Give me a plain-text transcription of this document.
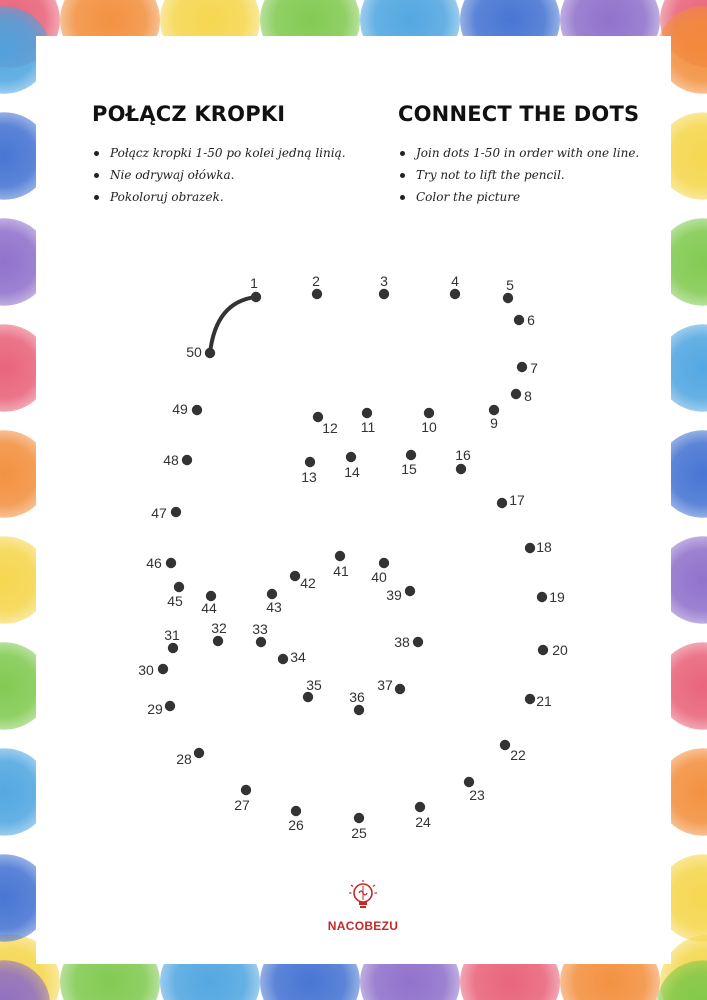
POŁĄCZ KROPKI	CONNECT THE DOTS
Połącz kropki 1-50 po kolei jedną linią.
Nie odrywaj ołówka.
Pokoloruj obrazek.
Join dots 1-50 in order with one line.
Try not to lift the pencil.
Color the picture
1	2	3	4	5
6
7
8
9
10
11
12
13 14	15
16
17
18
19
20
21
22
23
24
25
26
27
28
29
30
31 32 33
34
35
36
37
38
39
40
41
42
43
44
45
46
47
48
49
50
NACOBEZU
